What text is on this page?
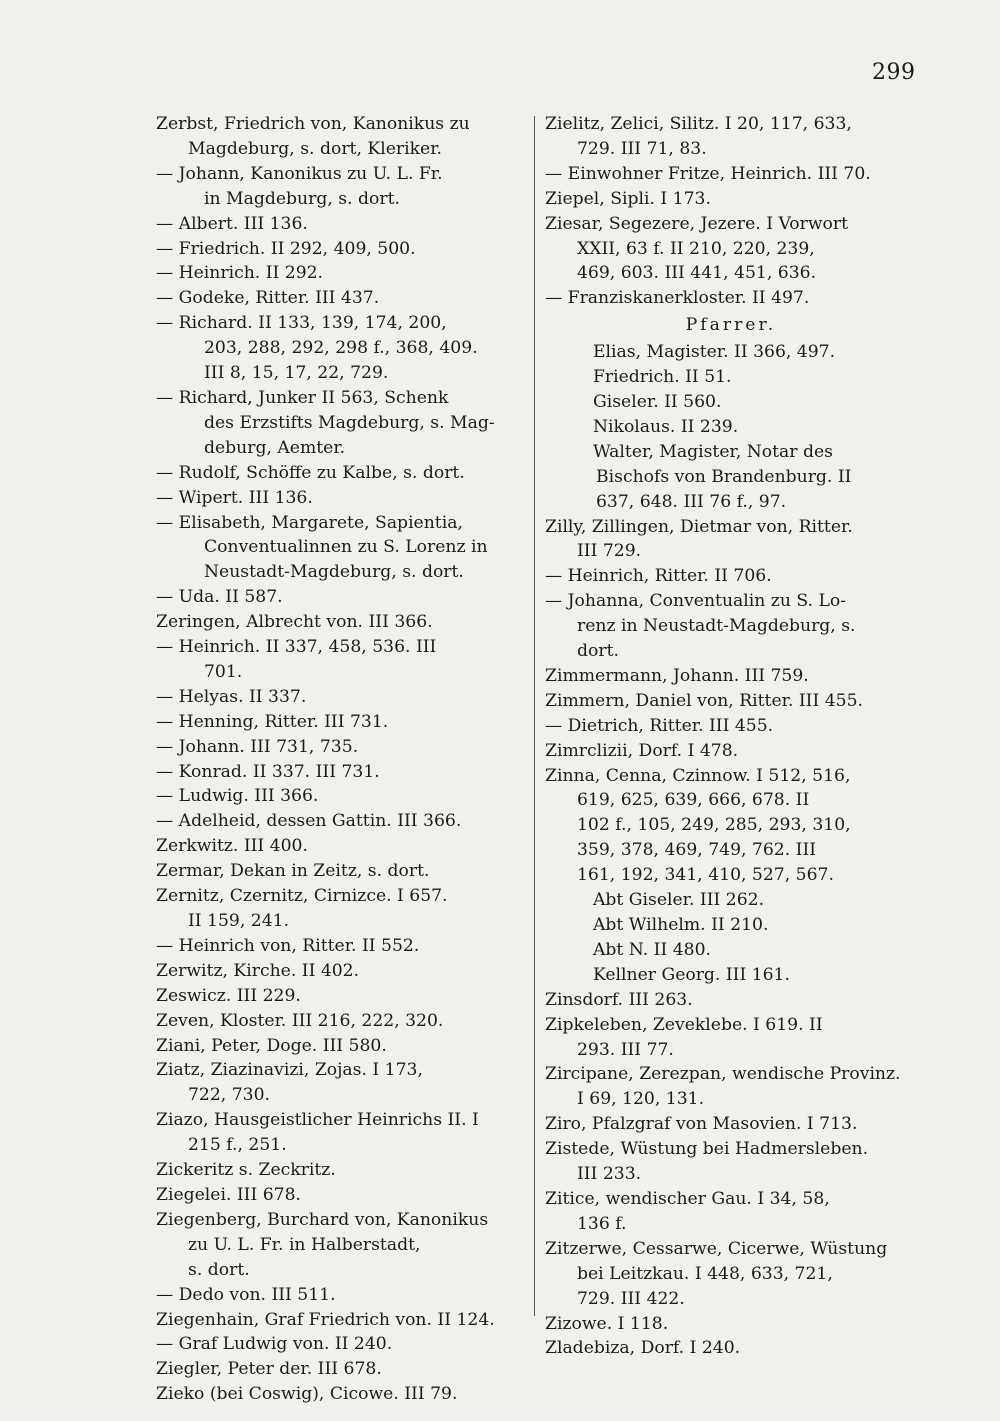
299
Zerbst, Friedrich von, Kanonikus zu
Magdeburg, s. dort, Kleriker.
— Johann, Kanonikus zu U. L. Fr.
in Magdeburg, s. dort.
— Albert. III 136.
— Friedrich. II 292, 409, 500.
— Heinrich. II 292.
— Godeke, Ritter. III 437.
— Richard. II 133, 139, 174, 200,
203, 288, 292, 298 f., 368, 409.
III 8, 15, 17, 22, 729.
— Richard, Junker II 563, Schenk
des Erzstifts Magdeburg, s. Mag-
deburg, Aemter.
— Rudolf, Schöffe zu Kalbe, s. dort.
— Wipert. III 136.
— Elisabeth, Margarete, Sapientia,
Conventualinnen zu S. Lorenz in
Neustadt-Magdeburg, s. dort.
— Uda. II 587.
Zeringen, Albrecht von. III 366.
— Heinrich. II 337, 458, 536. III
701.
— Helyas. II 337.
— Henning, Ritter. III 731.
— Johann. III 731, 735.
— Konrad. II 337. III 731.
— Ludwig. III 366.
— Adelheid, dessen Gattin. III 366.
Zerkwitz. III 400.
Zermar, Dekan in Zeitz, s. dort.
Zernitz, Czernitz, Cirnizce. I 657.
II 159, 241.
— Heinrich von, Ritter. II 552.
Zerwitz, Kirche. II 402.
Zeswicz. III 229.
Zeven, Kloster. III 216, 222, 320.
Ziani, Peter, Doge. III 580.
Ziatz, Ziazinavizi, Zojas. I 173,
722, 730.
Ziazo, Hausgeistlicher Heinrichs II. I
215 f., 251.
Zickeritz s. Zeckritz.
Ziegelei. III 678.
Ziegenberg, Burchard von, Kanonikus
zu U. L. Fr. in Halberstadt,
s. dort.
— Dedo von. III 511.
Ziegenhain, Graf Friedrich von. II 124.
— Graf Ludwig von. II 240.
Ziegler, Peter der. III 678.
Zieko (bei Coswig), Cicowe. III 79.
Zielitz, Zelici, Silitz. I 20, 117, 633,
729. III 71, 83.
— Einwohner Fritze, Heinrich. III 70.
Ziepel, Sipli. I 173.
Ziesar, Segezere, Jezere. I Vorwort
XXII, 63 f. II 210, 220, 239,
469, 603. III 441, 451, 636.
— Franziskanerkloster. II 497.
Pfarrer.
Elias, Magister. II 366, 497.
Friedrich. II 51.
Giseler. II 560.
Nikolaus. II 239.
Walter, Magister, Notar des
Bischofs von Brandenburg. II
637, 648. III 76 f., 97.
Zilly, Zillingen, Dietmar von, Ritter.
III 729.
— Heinrich, Ritter. II 706.
— Johanna, Conventualin zu S. Lo-
renz in Neustadt-Magdeburg, s.
dort.
Zimmermann, Johann. III 759.
Zimmern, Daniel von, Ritter. III 455.
— Dietrich, Ritter. III 455.
Zimrclizii, Dorf. I 478.
Zinna, Cenna, Czinnow. I 512, 516,
619, 625, 639, 666, 678. II
102 f., 105, 249, 285, 293, 310,
359, 378, 469, 749, 762. III
161, 192, 341, 410, 527, 567.
Abt Giseler. III 262.
Abt Wilhelm. II 210.
Abt N. II 480.
Kellner Georg. III 161.
Zinsdorf. III 263.
Zipkeleben, Zeveklebe. I 619. II
293. III 77.
Zircipane, Zerezpan, wendische Provinz.
I 69, 120, 131.
Ziro, Pfalzgraf von Masovien. I 713.
Zistede, Wüstung bei Hadmersleben.
III 233.
Zitice, wendischer Gau. I 34, 58,
136 f.
Zitzerwe, Cessarwe, Cicerwe, Wüstung
bei Leitzkau. I 448, 633, 721,
729. III 422.
Zizowe. I 118.
Zladebiza, Dorf. I 240.
